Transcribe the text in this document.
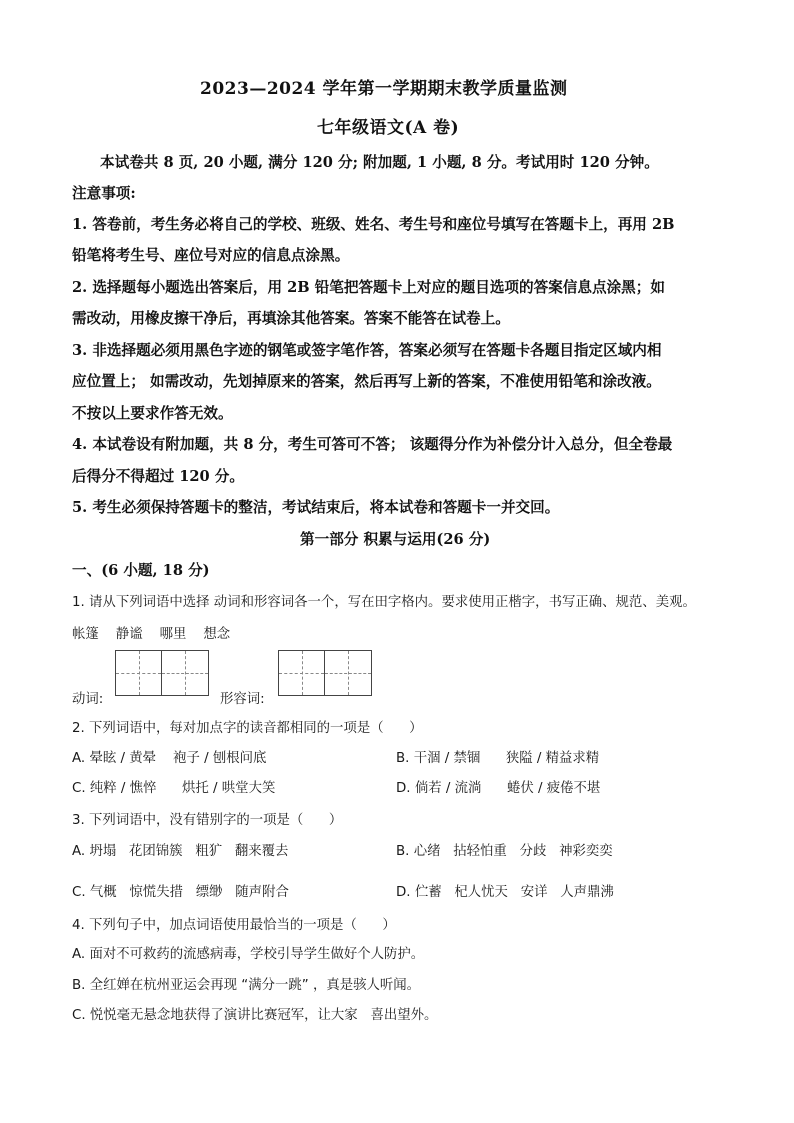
2023—2024 学年第一学期期末教学质量监测
七年级语文(A 卷)
本试卷共 8 页, 20 小题, 满分 120 分; 附加题, 1 小题, 8 分。考试用时 120 分钟。
注意事项:
1. 答卷前，考生务必将自己的学校、班级、姓名、考生号和座位号填写在答题卡上，再用 2B
铅笔将考生号、座位号对应的信息点涂黑。
2. 选择题每小题选出答案后，用 2B 铅笔把答题卡上对应的题目选项的答案信息点涂黑；如
需改动，用橡皮擦干净后，再填涂其他答案。答案不能答在试卷上。
3. 非选择题必须用黑色字迹的钢笔或签字笔作答，答案必须写在答题卡各题目指定区域内相
应位置上； 如需改动，先划掉原来的答案，然后再写上新的答案，不准使用铅笔和涂改液。
不按以上要求作答无效。
4. 本试卷设有附加题，共 8 分，考生可答可不答； 该题得分作为补偿分计入总分，但全卷最
后得分不得超过 120 分。
5. 考生必须保持答题卡的整洁，考试结束后，将本试卷和答题卡一并交回。
第一部分 积累与运用(26 分)
一、(6 小题, 18 分)
1. 请从下列词语中选择 动词和形容词各一个，写在田字格内。要求使用正楷字，书写正确、规范、美观。
帐篷    静谧    哪里    想念
动词:	形容词:
2. 下列词语中，每对加点字的读音都相同的一项是（      ）
A. 晕眩 / 黄晕    袍子 / 刨根问底	B. 干涸 / 禁锢      狭隘 / 精益求精
C. 纯粹 / 憔悴      烘托 / 哄堂大笑	D. 倘若 / 流淌      蜷伏 / 疲倦不堪
3. 下列词语中，没有错别字的一项是（      ）
A. 坍塌   花团锦簇   粗犷   翻来覆去	B. 心绪   拈轻怕重   分歧   神彩奕奕
C. 气概   惊慌失措   缥缈   随声附合	D. 伫蓄   杞人忧天   安详   人声鼎沸
4. 下列句子中，加点词语使用最恰当的一项是（      ）
A. 面对不可救药的流感病毒，学校引导学生做好个人防护。
B. 全红婵在杭州亚运会再现 “满分一跳” ，真是骇人听闻。
C. 悦悦毫无悬念地获得了演讲比赛冠军，让大家   喜出望外。
